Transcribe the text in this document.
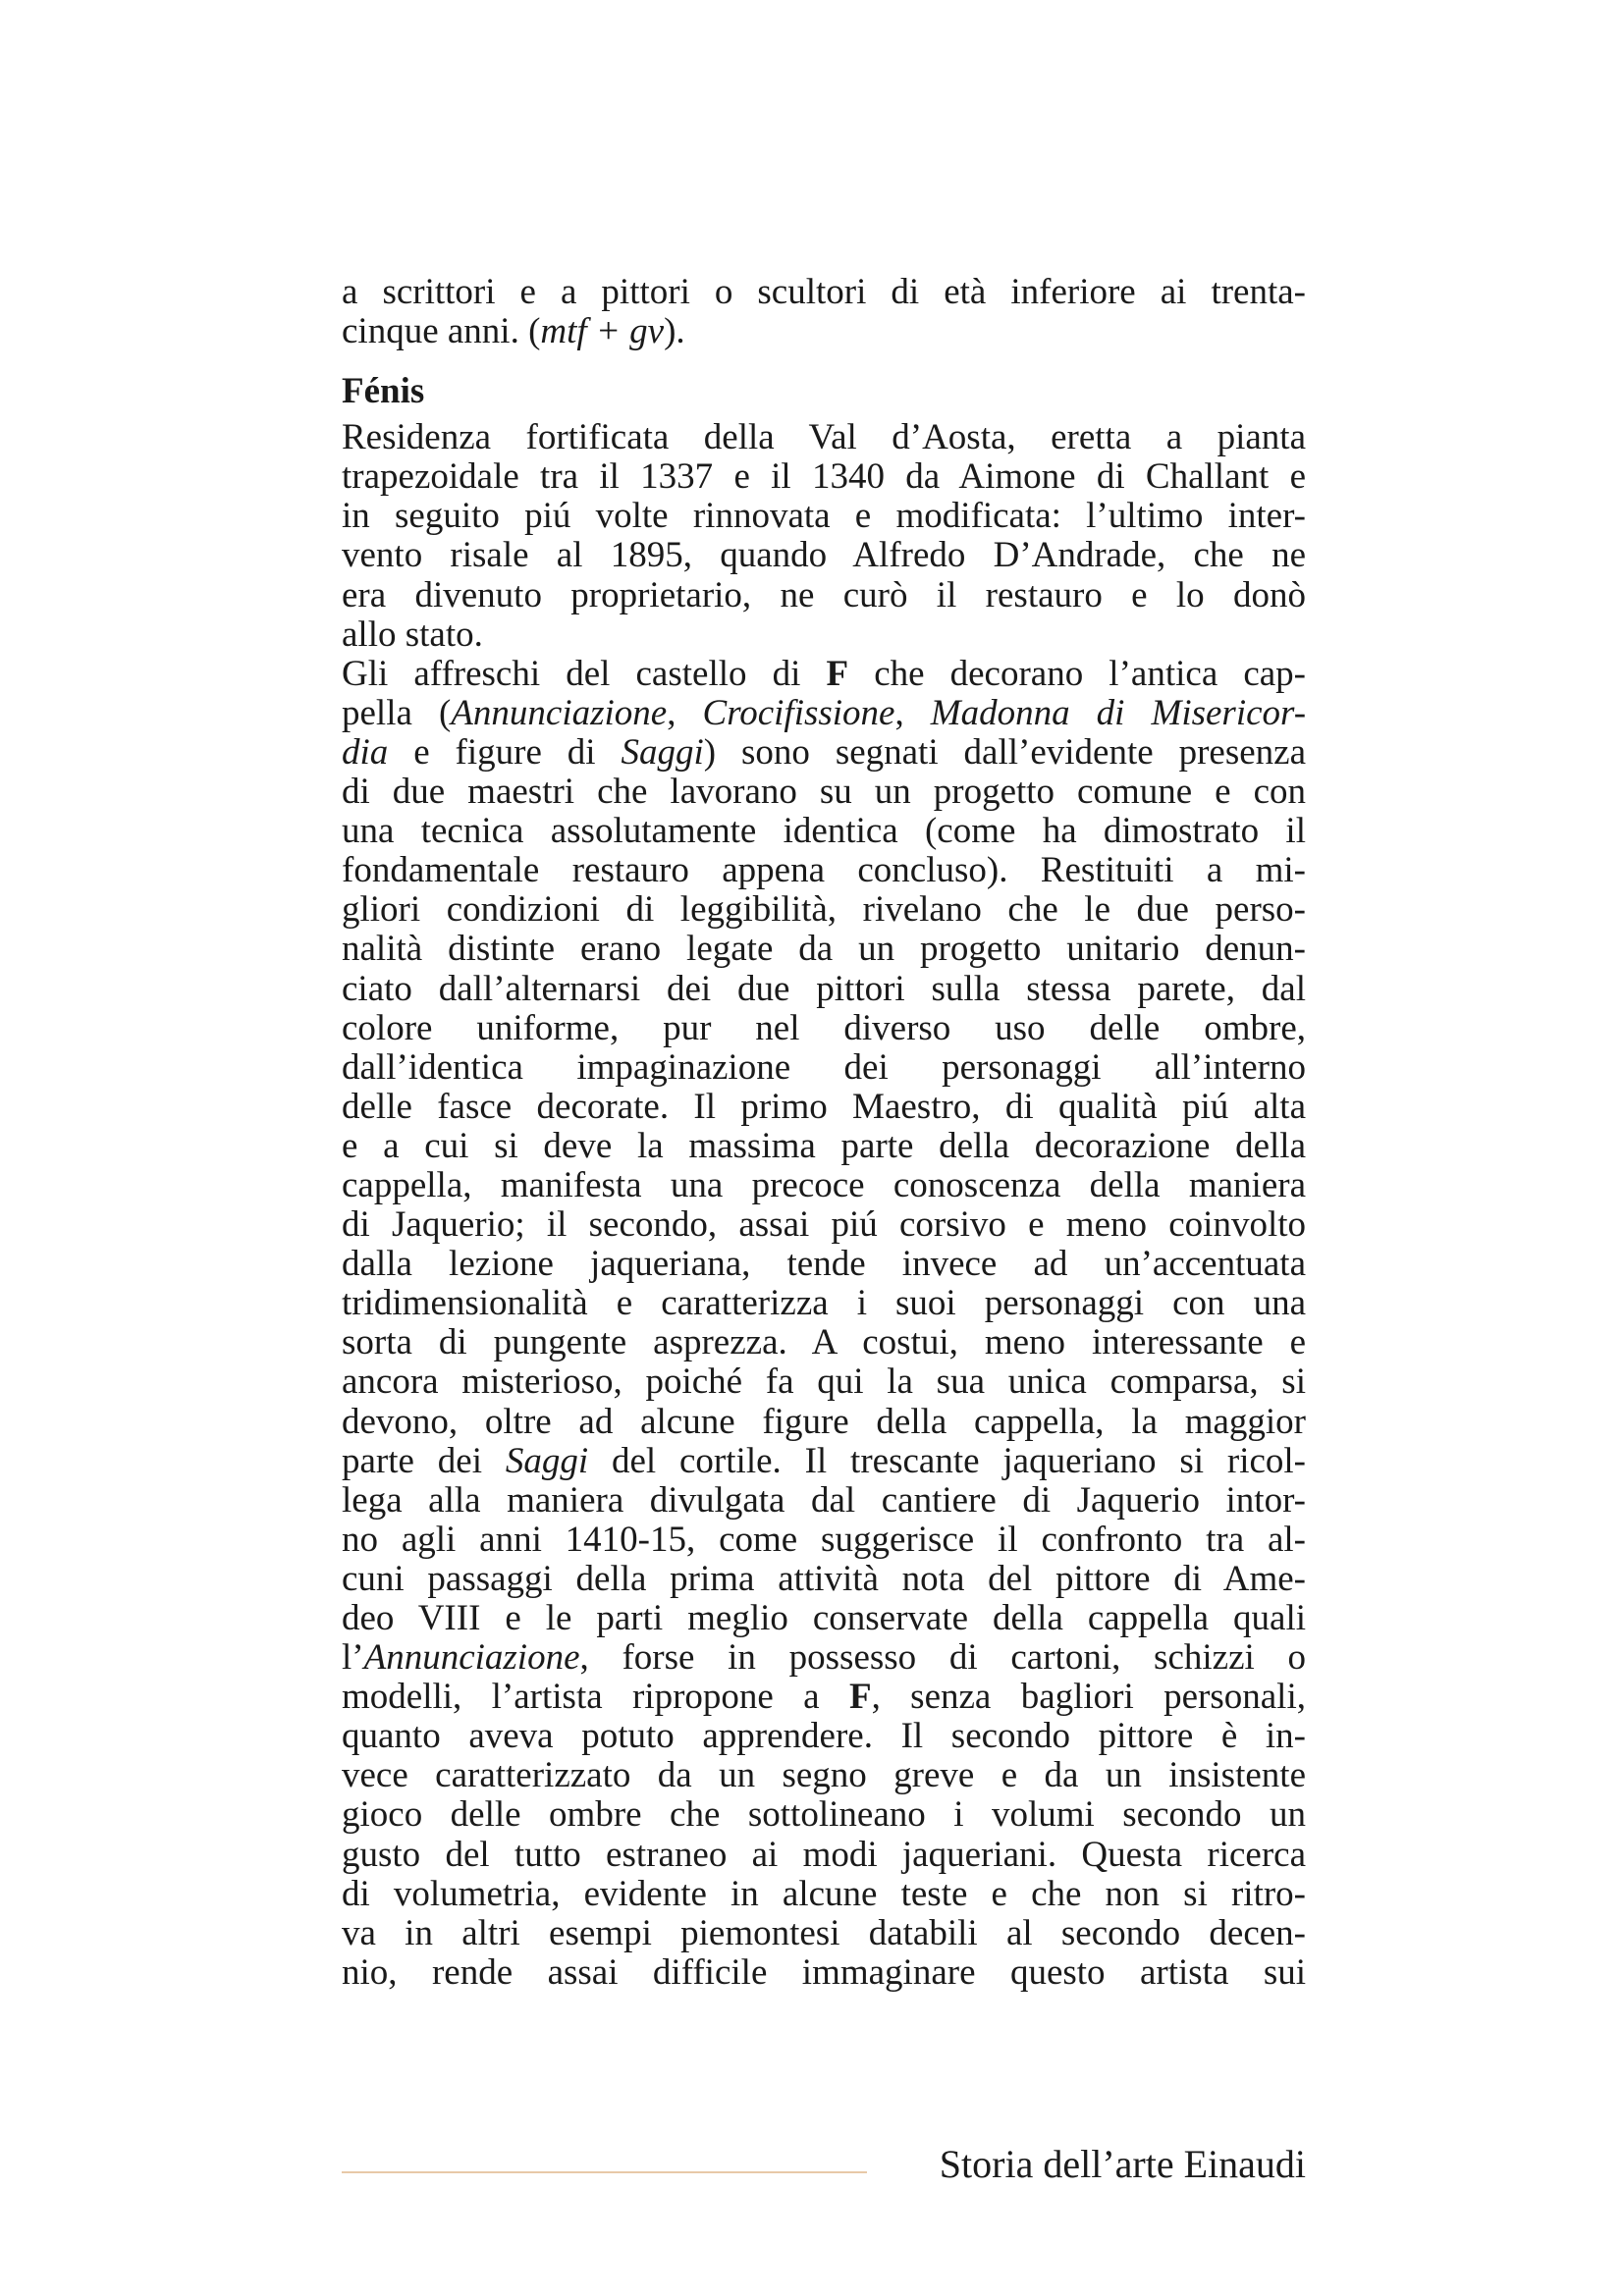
a scrittori e a pittori o scultori di età inferiore ai trenta-
cinque anni. (mtf + gv).
Fénis
Residenza fortificata della Val d’Aosta, eretta a pianta
trapezoidale tra il 1337 e il 1340 da Aimone di Challant e
in seguito piú volte rinnovata e modificata: l’ultimo inter-
vento risale al 1895, quando Alfredo D’Andrade, che ne
era divenuto proprietario, ne curò il restauro e lo donò
allo stato.
Gli affreschi del castello di F che decorano l’antica cap-
pella (Annunciazione, Crocifissione, Madonna di Misericor-
dia e figure di Saggi) sono segnati dall’evidente presenza
di due maestri che lavorano su un progetto comune e con
una tecnica assolutamente identica (come ha dimostrato il
fondamentale restauro appena concluso). Restituiti a mi-
gliori condizioni di leggibilità, rivelano che le due perso-
nalità distinte erano legate da un progetto unitario denun-
ciato dall’alternarsi dei due pittori sulla stessa parete, dal
colore uniforme, pur nel diverso uso delle ombre,
dall’identica impaginazione dei personaggi all’interno
delle fasce decorate. Il primo Maestro, di qualità piú alta
e a cui si deve la massima parte della decorazione della
cappella, manifesta una precoce conoscenza della maniera
di Jaquerio; il secondo, assai piú corsivo e meno coinvolto
dalla lezione jaqueriana, tende invece ad un’accentuata
tridimensionalità e caratterizza i suoi personaggi con una
sorta di pungente asprezza. A costui, meno interessante e
ancora misterioso, poiché fa qui la sua unica comparsa, si
devono, oltre ad alcune figure della cappella, la maggior
parte dei Saggi del cortile. Il trescante jaqueriano si ricol-
lega alla maniera divulgata dal cantiere di Jaquerio intor-
no agli anni 1410-15, come suggerisce il confronto tra al-
cuni passaggi della prima attività nota del pittore di Ame-
deo VIII e le parti meglio conservate della cappella quali
l’Annunciazione, forse in possesso di cartoni, schizzi o
modelli, l’artista ripropone a F, senza bagliori personali,
quanto aveva potuto apprendere. Il secondo pittore è in-
vece caratterizzato da un segno greve e da un insistente
gioco delle ombre che sottolineano i volumi secondo un
gusto del tutto estraneo ai modi jaqueriani. Questa ricerca
di volumetria, evidente in alcune teste e che non si ritro-
va in altri esempi piemontesi databili al secondo decen-
nio, rende assai difficile immaginare questo artista sui
Storia dell’arte Einaudi
